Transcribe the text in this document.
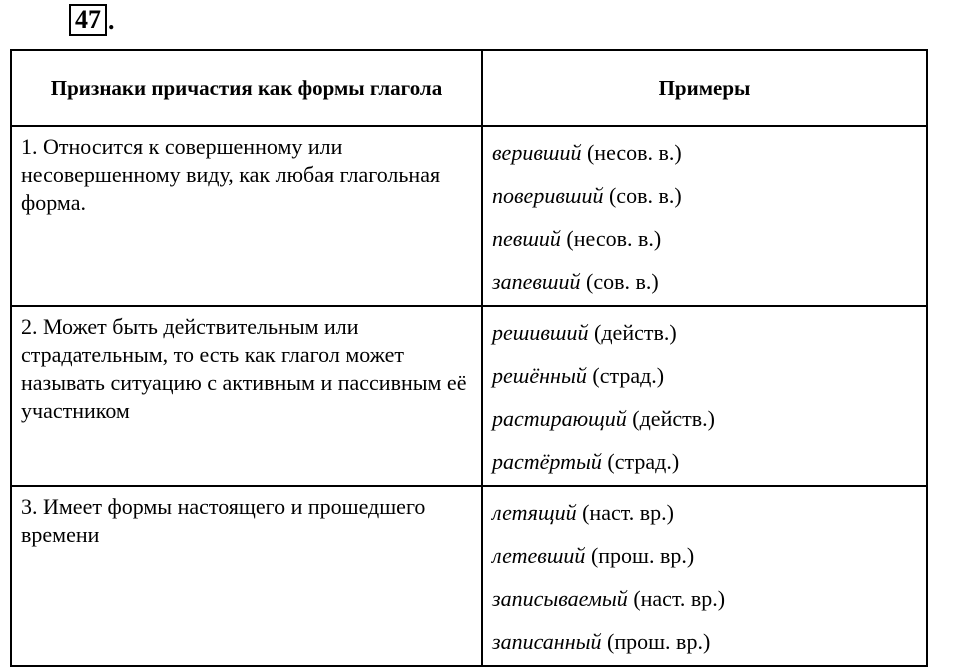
47 .
Признаки причастия как формы глагола	Примеры

1. Относится к совершенному или несовершенному виду, как любая глагольная форма.	веривший (несов. в.)
поверивший (сов. в.)
певший (несов. в.)
запевший (сов. в.)

2. Может быть действительным или страдательным, то есть как глагол может называть ситуацию с активным и пассивным её участником	решивший (действ.)
решённый (страд.)
растирающий (действ.)
растёртый (страд.)

3. Имеет формы настоящего и прошедшего времени	летящий (наст. вр.)
летевший (прош. вр.)
записываемый (наст. вр.)
записанный (прош. вр.)
